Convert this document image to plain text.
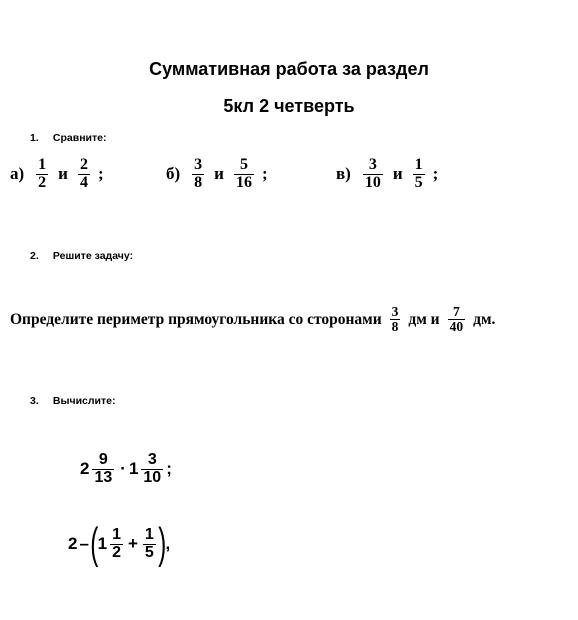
Суммативная работа за раздел
5кл 2 четверть
1. Сравните:
$а) \frac{1}{2}$ и $\frac{2}{4}$ ;	$б) \frac{3}{8}$ и $\frac{5}{16}$ ;	$в) \frac{3}{10}$ и $\frac{1}{5}$ ;
2. Решите задачу:
Определите периметр прямоугольника со сторонами $\frac{3}{8}$ дм и $\frac{7}{40}$ дм.
3. Вычислите:
$2 \frac{9}{13} \cdot 1 \frac{3}{10}$ ;
2 – ( $1 \frac{1}{2} + \frac{1}{5}$ ) ,
